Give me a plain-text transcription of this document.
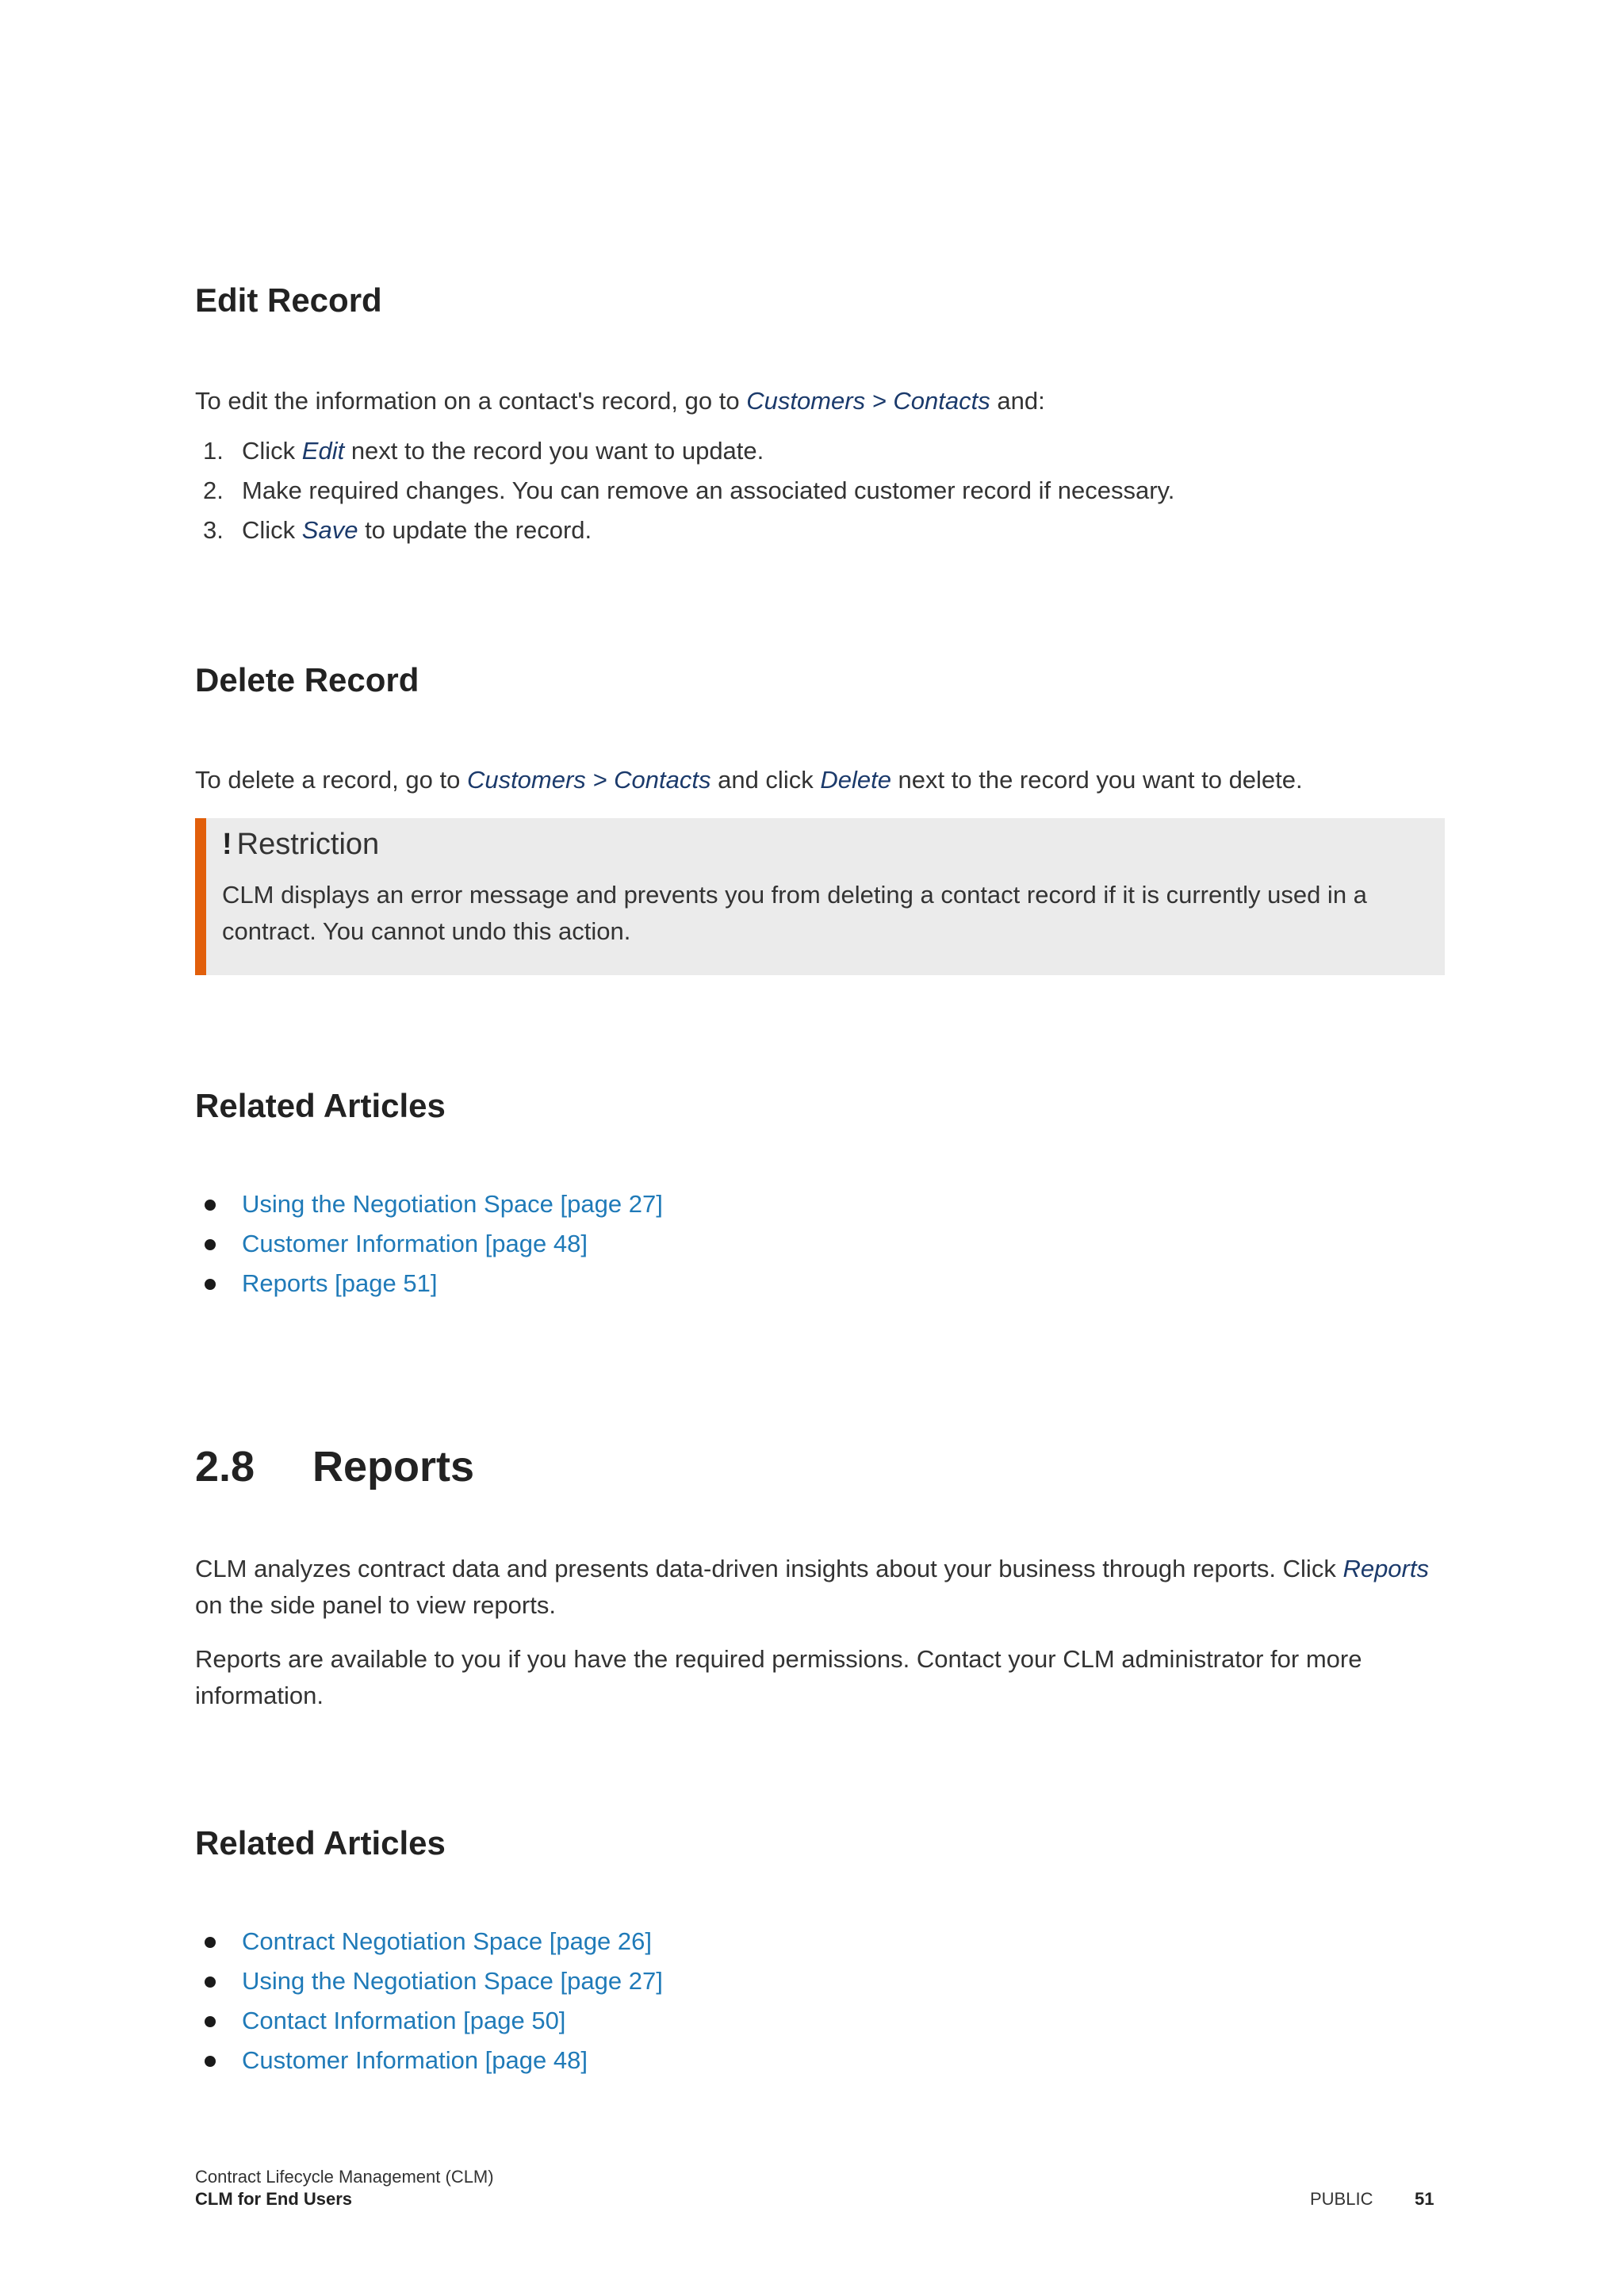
Edit Record

To edit the information on a contact's record, go to Customers > Contacts and:

1. Click Edit next to the record you want to update.
2. Make required changes. You can remove an associated customer record if necessary.
3. Click Save to update the record.
Delete Record

To delete a record, go to Customers > Contacts and click Delete next to the record you want to delete.

! Restriction
CLM displays an error message and prevents you from deleting a contact record if it is currently used in a contract. You cannot undo this action.
Related Articles
Using the Negotiation Space [page 27]
Customer Information [page 48]
Reports [page 51]
2.8 Reports

CLM analyzes contract data and presents data-driven insights about your business through reports. Click Reports on the side panel to view reports.

Reports are available to you if you have the required permissions. Contact your CLM administrator for more information.

Related Articles
Contract Negotiation Space [page 26]
Using the Negotiation Space [page 27]
Contact Information [page 50]
Customer Information [page 48]
Contract Lifecycle Management (CLM)
CLM for End Users	PUBLIC 51
